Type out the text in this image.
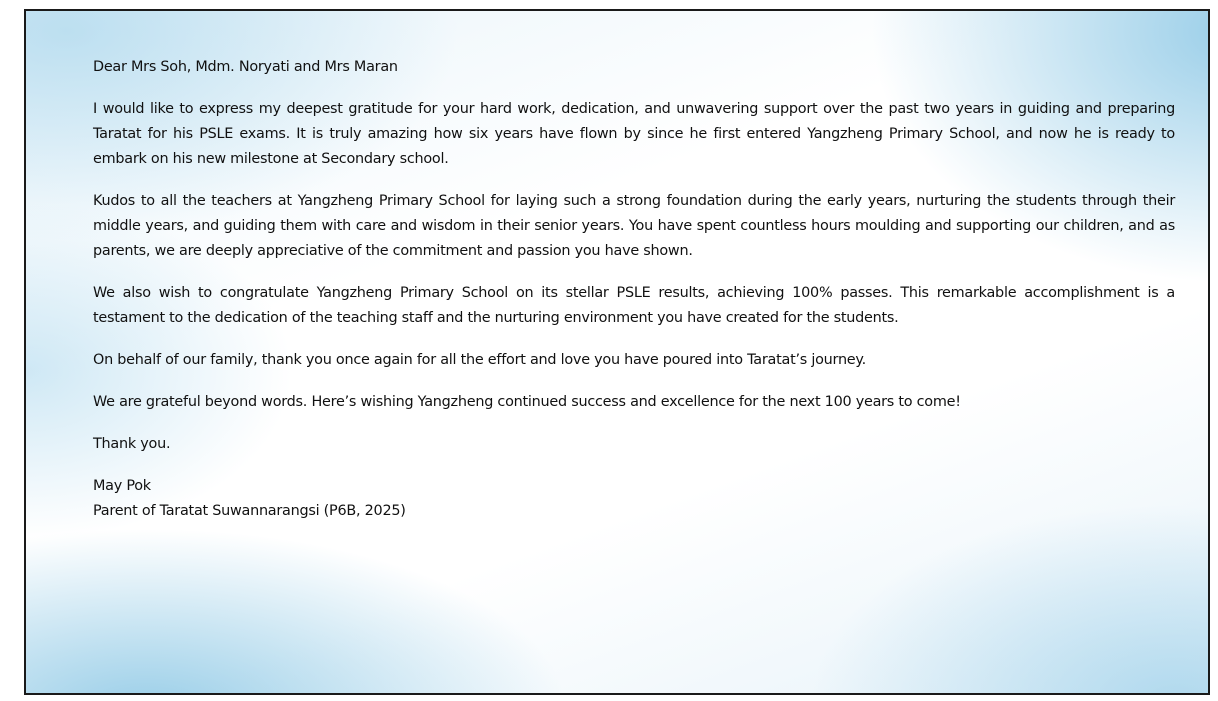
Dear Mrs Soh, Mdm. Noryati and Mrs Maran

I would like to express my deepest gratitude for your hard work, dedication, and unwavering support over the past two years in guiding and preparing Taratat for his PSLE exams. It is truly amazing how six years have flown by since he first entered Yangzheng Primary School, and now he is ready to embark on his new milestone at Secondary school.

Kudos to all the teachers at Yangzheng Primary School for laying such a strong foundation during the early years, nurturing the students through their middle years, and guiding them with care and wisdom in their senior years. You have spent countless hours moulding and supporting our children, and as parents, we are deeply appreciative of the commitment and passion you have shown.

We also wish to congratulate Yangzheng Primary School on its stellar PSLE results, achieving 100% passes. This remarkable accomplishment is a testament to the dedication of the teaching staff and the nurturing environment you have created for the students.

On behalf of our family, thank you once again for all the effort and love you have poured into Taratat’s journey.

We are grateful beyond words. Here’s wishing Yangzheng continued success and excellence for the next 100 years to come!

Thank you.

May Pok
Parent of Taratat Suwannarangsi (P6B, 2025)
